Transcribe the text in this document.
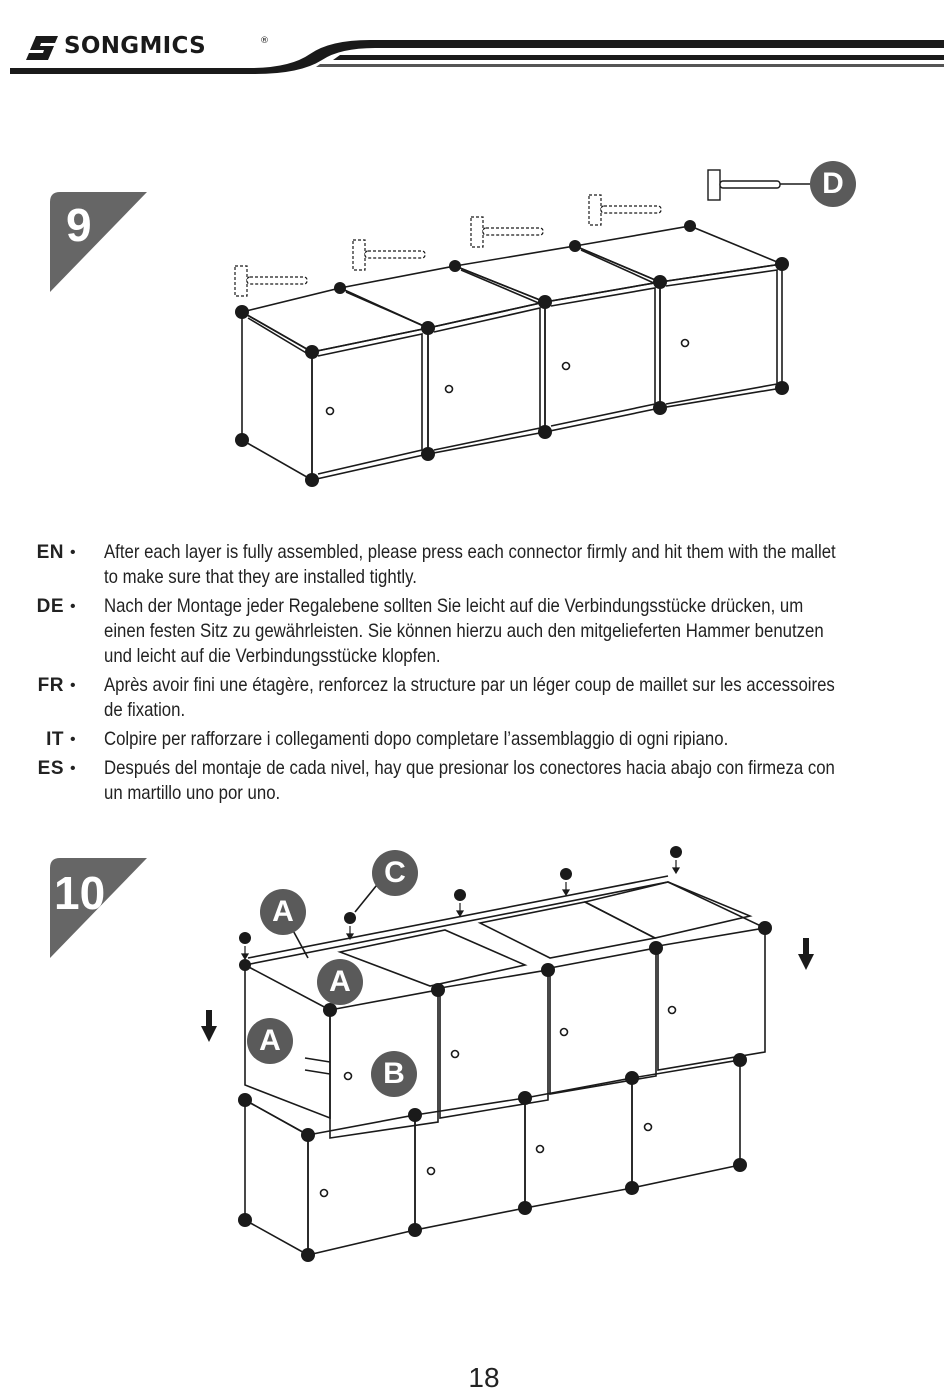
SONGMICS	®
9
D
EN • After each layer is fully assembled, please press each connector firmly and hit them with the mallet
to make sure that they are installed tightly.
DE • Nach der Montage jeder Regalebene sollten Sie leicht auf die Verbindungsstücke drücken, um
einen festen Sitz zu gewährleisten. Sie können hierzu auch den mitgelieferten Hammer benutzen
und leicht auf die Verbindungsstücke klopfen.
FR • Après avoir fini une étagère, renforcez la structure par un léger coup de maillet sur les accessoires
de fixation.
IT • Colpire per rafforzare i collegamenti dopo completare l’assemblaggio di ogni ripiano.
ES • Después del montaje de cada nivel, hay que presionar los conectores hacia abajo con firmeza con
un martillo uno por uno.
10	C
A
A
A
B
18
